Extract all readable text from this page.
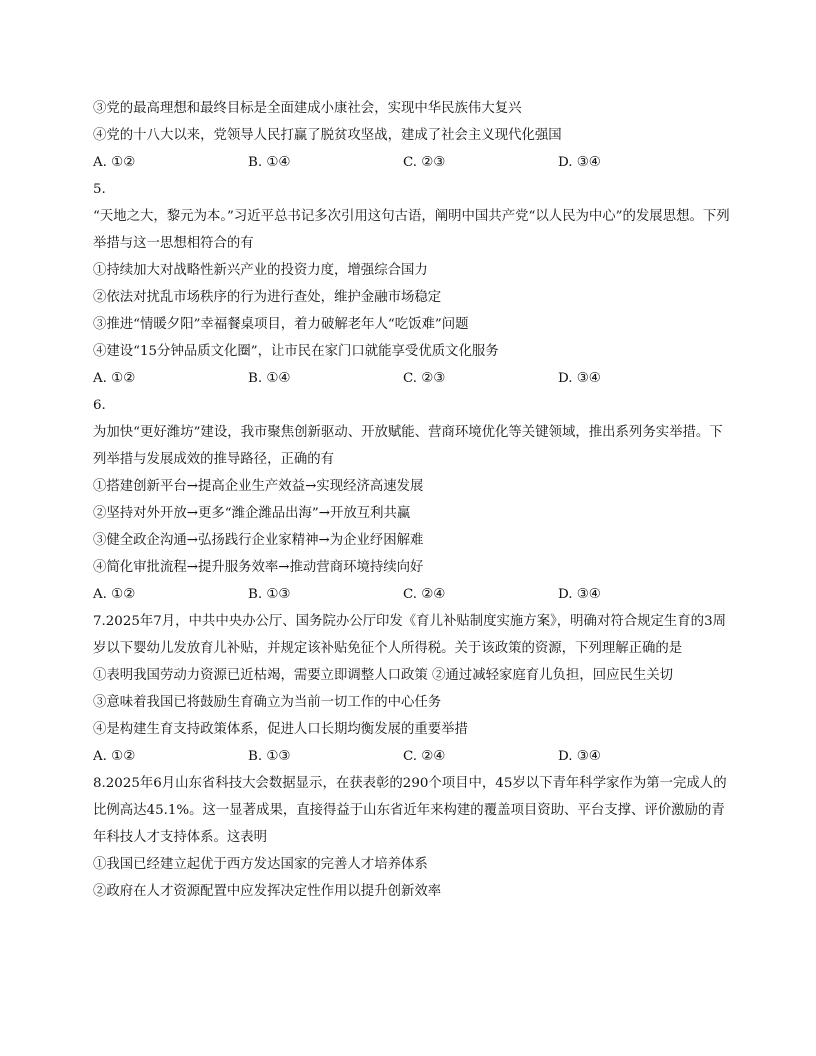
③党的最高理想和最终目标是全面建成小康社会，实现中华民族伟大复兴
④党的十八大以来，党领导人民打赢了脱贫攻坚战，建成了社会主义现代化强国
A. ①②	B. ①④	C. ②③	D. ③④
5.
“天地之大，黎元为本。”习近平总书记多次引用这句古语，阐明中国共产党“以人民为中心”的发展思想。下列举措与这一思想相符合的有
①持续加大对战略性新兴产业的投资力度，增强综合国力
②依法对扰乱市场秩序的行为进行查处，维护金融市场稳定
③推进“情暖夕阳”幸福餐桌项目，着力破解老年人“吃饭难”问题
④建设“15分钟品质文化圈”，让市民在家门口就能享受优质文化服务
A. ①②	B. ①④	C. ②③	D. ③④
6.
为加快“更好潍坊”建设，我市聚焦创新驱动、开放赋能、营商环境优化等关键领域，推出系列务实举措。下列举措与发展成效的推导路径，正确的有
①搭建创新平台→提高企业生产效益→实现经济高速发展
②坚持对外开放→更多“潍企潍品出海”→开放互利共赢
③健全政企沟通→弘扬践行企业家精神→为企业纾困解难
④简化审批流程→提升服务效率→推动营商环境持续向好
A. ①②	B. ①③	C. ②④	D. ③④
7.2025年7月，中共中央办公厅、国务院办公厅印发《育儿补贴制度实施方案》，明确对符合规定生育的3周岁以下婴幼儿发放育儿补贴，并规定该补贴免征个人所得税。关于该政策的资源，下列理解正确的是
①表明我国劳动力资源已近枯竭，需要立即调整人口政策 ②通过减轻家庭育儿负担，回应民生关切
③意味着我国已将鼓励生育确立为当前一切工作的中心任务
④是构建生育支持政策体系，促进人口长期均衡发展的重要举措
A. ①②	B. ①③	C. ②④	D. ③④
8.2025年6月山东省科技大会数据显示，在获表彰的290个项目中，45岁以下青年科学家作为第一完成人的比例高达45.1%。这一显著成果，直接得益于山东省近年来构建的覆盖项目资助、平台支撑、评价激励的青年科技人才支持体系。这表明
①我国已经建立起优于西方发达国家的完善人才培养体系
②政府在人才资源配置中应发挥决定性作用以提升创新效率
